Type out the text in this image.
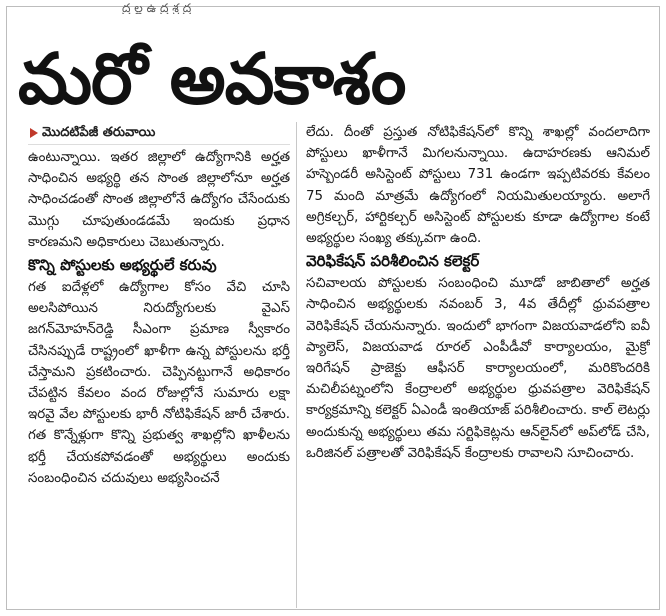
ద్ర ల్ల ఉ ద్ర శ్ర ద్ర
మరో అవకాశం
మొదటిపేజీ తరువాయి

ఉంటున్నాయి. ఇతర జిల్లాలో ఉద్యోగానికి అర్హత సాధించిన అభ్యర్థి తన సొంత జిల్లాలోనూ అర్హత సాధించడంతో సొంత జిల్లాలోనే ఉద్యోగం చేసేందుకు మొగ్గు చూపుతుండడమే ఇందుకు ప్రధాన కారణమని అధికారులు చెబుతున్నారు.

కొన్ని పోస్టులకు అభ్యర్థులే కరువు

గత ఐదేళ్లలో ఉద్యోగాల కోసం వేచి చూసి అలసిపోయిన నిరుద్యోగులకు వైఎస్‌ జగన్‌మోహన్‌రెడ్డి సీఎంగా ప్రమాణ స్వీకారం చేసినప్పుడే రాష్ట్రంలో ఖాళీగా ఉన్న పోస్టులను భర్తీ చేస్తామని ప్రకటించారు. చెప్పినట్టుగానే అధికారం చేపట్టిన కేవలం వంద రోజుల్లోనే సుమారు లక్షా ఇరవై వేల పోస్టులకు భారీ నోటిఫికేషన్‌ జారీ చేశారు. గత కొన్నేళ్లుగా కొన్ని ప్రభుత్వ శాఖల్లోని ఖాళీలను భర్తీ చేయకపోవడంతో అభ్యర్థులు అందుకు సంబంధించిన చదువులు అభ్యసించనే

లేదు. దీంతో ప్రస్తుత నోటిఫికేషన్‌లో కొన్ని శాఖల్లో వందలాదిగా పోస్టులు ఖాళీగానే మిగలనున్నాయి. ఉదాహరణకు ఆనిమల్‌ హస్బెండరీ అసిస్టెంట్‌ పోస్టులు 731 ఉండగా ఇప్పటివరకు కేవలం 75 మంది మాత్రమే ఉద్యోగంలో నియమితులయ్యారు. అలాగే అగ్రికల్చర్‌, హార్టికల్చర్‌ అసిస్టెంట్‌ పోస్టులకు కూడా ఉద్యోగాల కంటే అభ్యర్థుల సంఖ్య తక్కువగా ఉంది.

వెరిఫికేషన్‌ పరిశీలించిన కలెక్టర్‌

సచివాలయ పోస్టులకు సంబంధించి మూడో జాబితాలో అర్హత సాధించిన అభ్యర్థులకు నవంబర్‌ 3, 4వ తేదీల్లో ధ్రువపత్రాల వెరిఫికేషన్‌ చేయనున్నారు. ఇందులో భాగంగా విజయవాడలోని ఐవీ ప్యాలెస్‌, విజయవాడ రూరల్‌ ఎంపీడీవో కార్యాలయం, మైక్రో ఇరిగేషన్‌ ప్రాజెక్టు ఆఫీసర్‌ కార్యాలయంలో, మరికొందరికి మచిలీపట్నంలోని కేంద్రాలలో అభ్యర్థుల ధ్రువపత్రాల వెరిఫికేషన్‌ కార్యక్రమాన్ని కలెక్టర్‌ ఏఎండీ ఇంతియాజ్‌ పరిశీలించారు. కాల్‌ లెటర్లు అందుకున్న అభ్యర్థులు తమ సర్టిఫికెట్లను ఆన్‌లైన్‌లో అప్‌లోడ్‌ చేసి, ఒరిజినల్‌ పత్రాలతో వెరిఫికేషన్‌ కేంద్రాలకు రావాలని సూచించారు.
